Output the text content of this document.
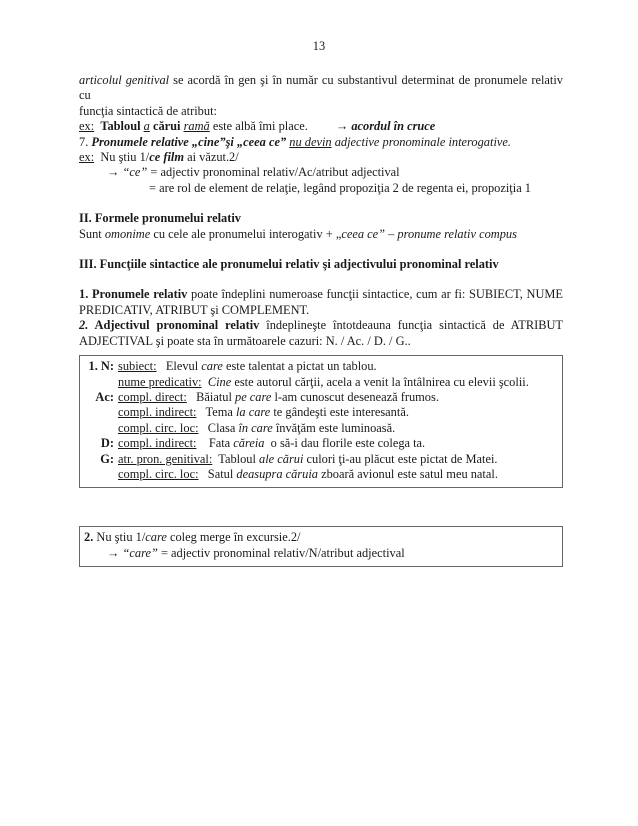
13

articolul genitival se acordă în gen şi în număr cu substantivul determinat de pronumele relativ cu

funcţia sintactică de atribut:

ex: Tabloul a cărui ramă este albă îmi place. → acordul în cruce

7. Pronumele relative „cine”şi „ceea ce” nu devin adjective pronominale interogative.

ex: Nu ştiu 1/ce film ai văzut.2/

→ “ce” = adjectiv pronominal relativ/Ac/atribut adjectival

= are rol de element de relaţie, legând propoziţia 2 de regenta ei, propoziţia 1

II. Formele pronumelui relativ

Sunt omonime cu cele ale pronumelui interogativ + „ceea ce” – pronume relativ compus

III. Funcţiile sintactice ale pronumelui relativ şi adjectivului pronominal relativ

1. Pronumele relativ poate îndeplini numeroase funcţii sintactice, cum ar fi: SUBIECT, NUME

PREDICATIV, ATRIBUT şi COMPLEMENT.

2. Adjectivul pronominal relativ îndeplineşte întotdeauna funcţia sintactică de ATRIBUT

ADJECTIVAL şi poate sta în următoarele cazuri: N. / Ac. / D. / G..

1. N: subiect:   Elevul care este talentat a pictat un tablou.
nume predicativ: Cine este autorul cărţii, acela a venit la întâlnirea cu elevii şcolii.
Ac: compl. direct:   Băiatul pe care l-am cunoscut desenează frumos.
compl. indirect:   Tema la care te gândeşti este interesantă.
compl. circ. loc:   Clasa în care învăţăm este luminoasă.
D: compl. indirect:    Fata căreia  o să-i dau florile este colega ta.
G: atr. pron. genitival:  Tabloul ale cărui culori ţi-au plăcut este pictat de Matei.
compl. circ. loc:   Satul deasupra căruia zboară avionul este satul meu natal.
2. Nu ştiu 1/care coleg merge în excursie.2/
→ “care” = adjectiv pronominal relativ/N/atribut adjectival
